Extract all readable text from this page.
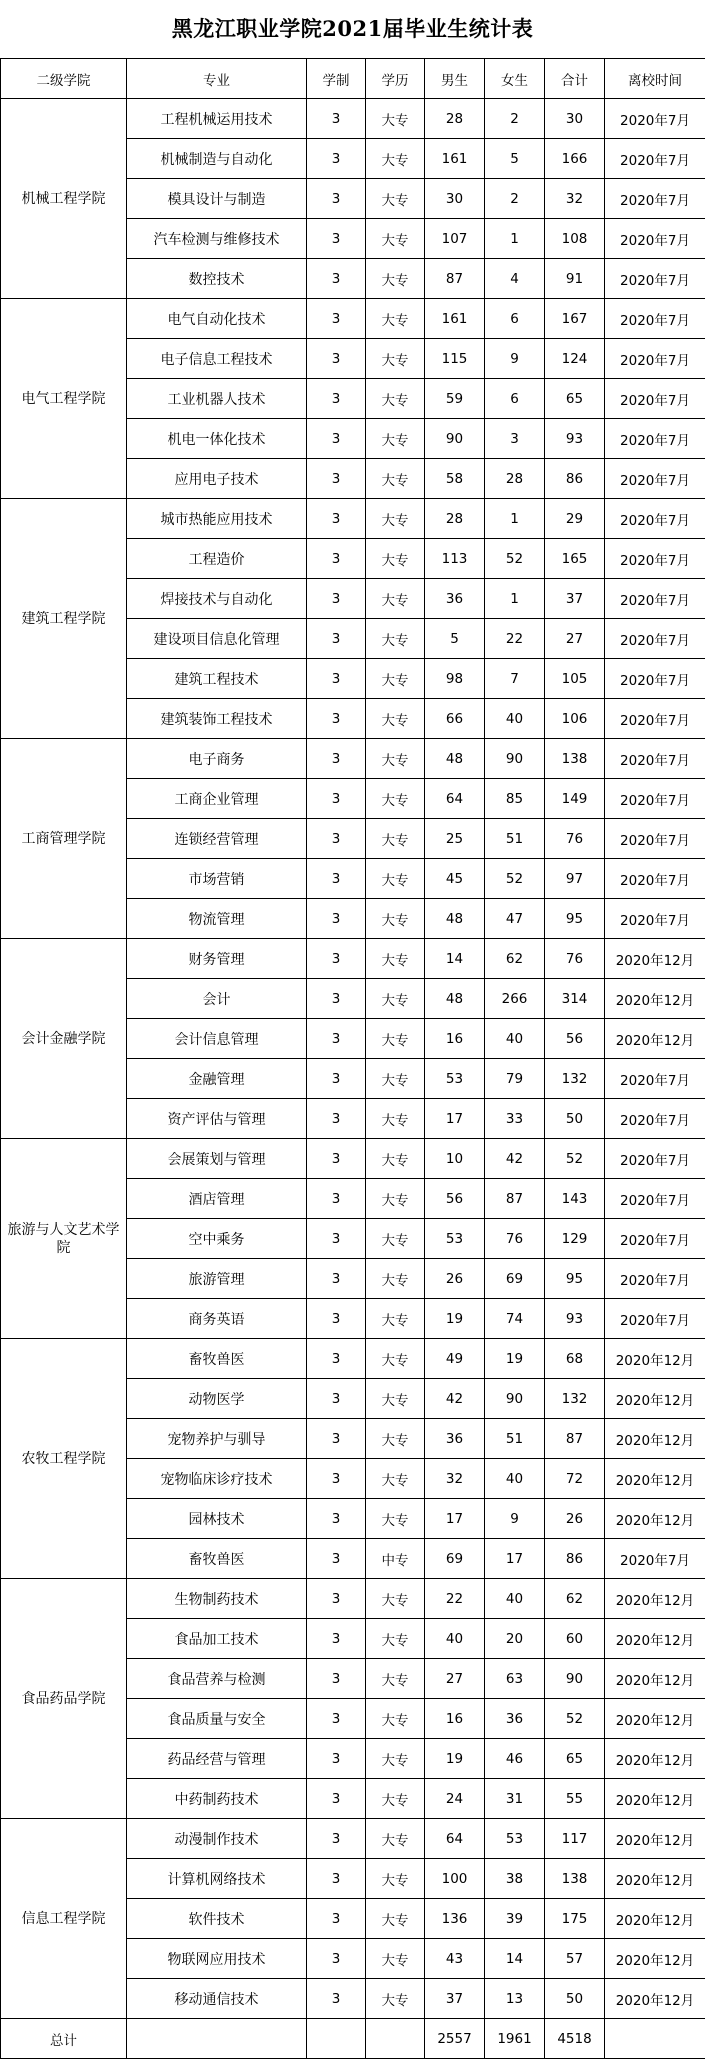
黑龙江职业学院2021届毕业生统计表
二级学院	专业	学制	学历	男生	女生	合计	离校时间
机械工程学院	工程机械运用技术	3	大专	28	2	30	2020年7月
	机械制造与自动化	3	大专	161	5	166	2020年7月
	模具设计与制造	3	大专	30	2	32	2020年7月
	汽车检测与维修技术	3	大专	107	1	108	2020年7月
	数控技术	3	大专	87	4	91	2020年7月
电气工程学院	电气自动化技术	3	大专	161	6	167	2020年7月
	电子信息工程技术	3	大专	115	9	124	2020年7月
	工业机器人技术	3	大专	59	6	65	2020年7月
	机电一体化技术	3	大专	90	3	93	2020年7月
	应用电子技术	3	大专	58	28	86	2020年7月
建筑工程学院	城市热能应用技术	3	大专	28	1	29	2020年7月
	工程造价	3	大专	113	52	165	2020年7月
	焊接技术与自动化	3	大专	36	1	37	2020年7月
	建设项目信息化管理	3	大专	5	22	27	2020年7月
	建筑工程技术	3	大专	98	7	105	2020年7月
	建筑装饰工程技术	3	大专	66	40	106	2020年7月
工商管理学院	电子商务	3	大专	48	90	138	2020年7月
	工商企业管理	3	大专	64	85	149	2020年7月
	连锁经营管理	3	大专	25	51	76	2020年7月
	市场营销	3	大专	45	52	97	2020年7月
	物流管理	3	大专	48	47	95	2020年7月
会计金融学院	财务管理	3	大专	14	62	76	2020年12月
	会计	3	大专	48	266	314	2020年12月
	会计信息管理	3	大专	16	40	56	2020年12月
	金融管理	3	大专	53	79	132	2020年7月
	资产评估与管理	3	大专	17	33	50	2020年7月
旅游与人文艺术学院	会展策划与管理	3	大专	10	42	52	2020年7月
	酒店管理	3	大专	56	87	143	2020年7月
	空中乘务	3	大专	53	76	129	2020年7月
	旅游管理	3	大专	26	69	95	2020年7月
	商务英语	3	大专	19	74	93	2020年7月
农牧工程学院	畜牧兽医	3	大专	49	19	68	2020年12月
	动物医学	3	大专	42	90	132	2020年12月
	宠物养护与驯导	3	大专	36	51	87	2020年12月
	宠物临床诊疗技术	3	大专	32	40	72	2020年12月
	园林技术	3	大专	17	9	26	2020年12月
	畜牧兽医	3	中专	69	17	86	2020年7月
食品药品学院	生物制药技术	3	大专	22	40	62	2020年12月
	食品加工技术	3	大专	40	20	60	2020年12月
	食品营养与检测	3	大专	27	63	90	2020年12月
	食品质量与安全	3	大专	16	36	52	2020年12月
	药品经营与管理	3	大专	19	46	65	2020年12月
	中药制药技术	3	大专	24	31	55	2020年12月
信息工程学院	动漫制作技术	3	大专	64	53	117	2020年12月
	计算机网络技术	3	大专	100	38	138	2020年12月
	软件技术	3	大专	136	39	175	2020年12月
	物联网应用技术	3	大专	43	14	57	2020年12月
	移动通信技术	3	大专	37	13	50	2020年12月
总计				2557	1961	4518	
